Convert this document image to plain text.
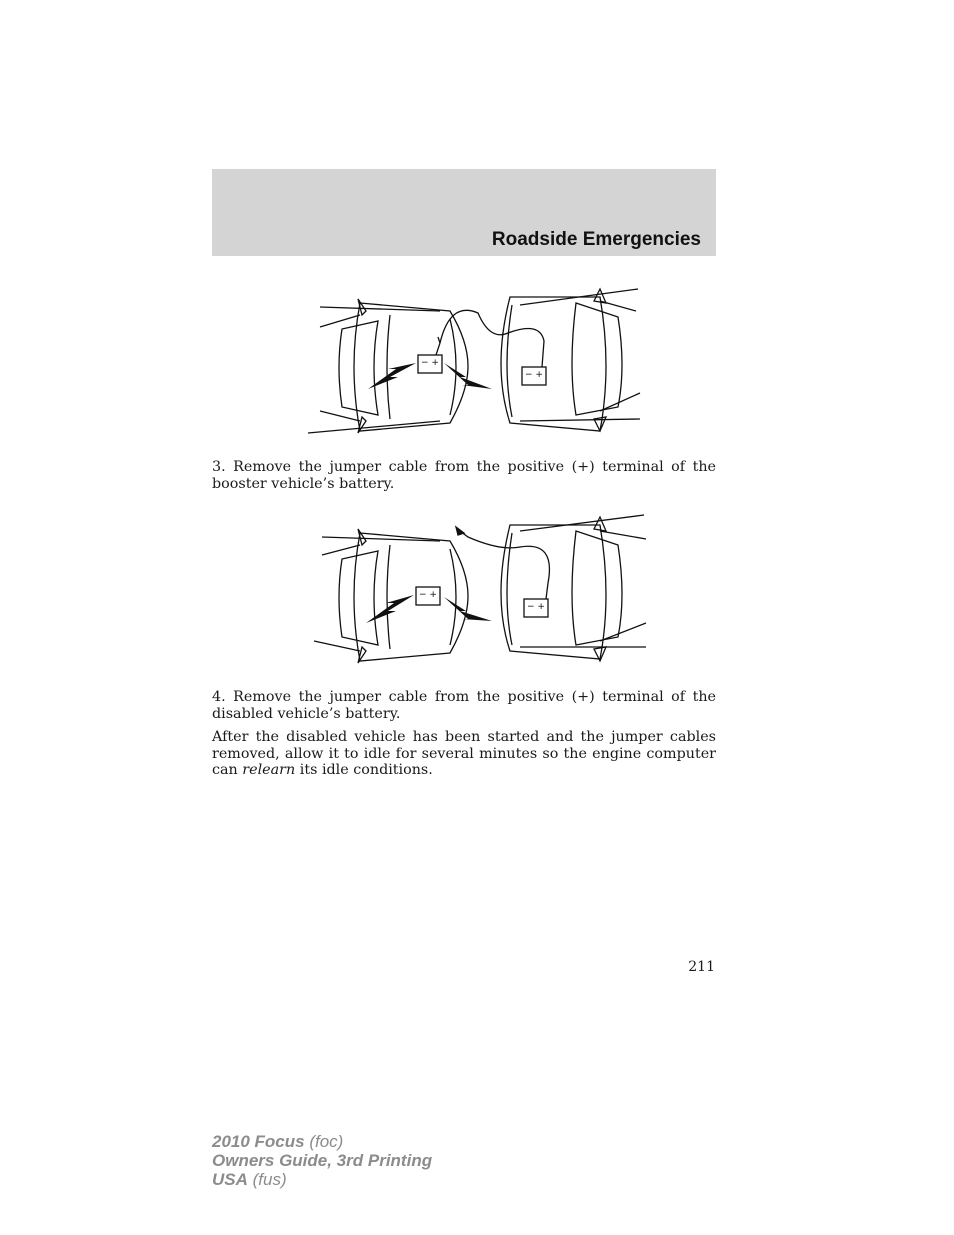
Roadside Emergencies
− +
− +

3. Remove the jumper cable from the positive (+) terminal of the booster vehicle’s battery.

− +
− +

4. Remove the jumper cable from the positive (+) terminal of the disabled vehicle’s battery.

After the disabled vehicle has been started and the jumper cables removed, allow it to idle for several minutes so the engine computer can relearn its idle conditions.

211
2010 Focus (foc)
Owners Guide, 3rd Printing
USA (fus)
